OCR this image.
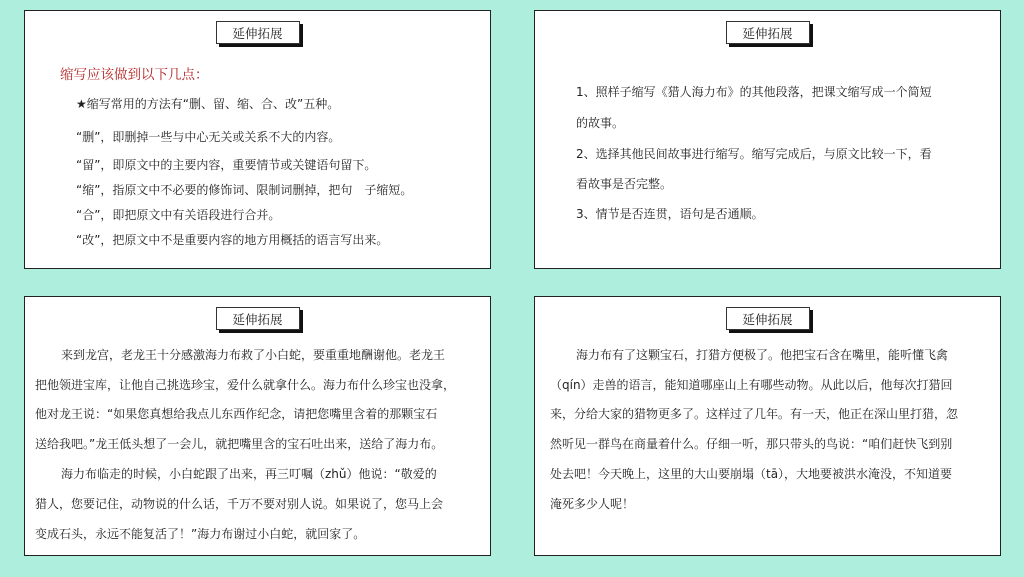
延伸拓展
缩写应该做到以下几点：
★缩写常用的方法有“删、留、缩、合、改”五种。
“删”，即删掉一些与中心无关或关系不大的内容。
“留”，即原文中的主要内容，重要情节或关键语句留下。
“缩”，指原文中不必要的修饰词、限制词删掉，把句　子缩短。
“合”，即把原文中有关语段进行合并。
“改”，把原文中不是重要内容的地方用概括的语言写出来。
延伸拓展
1、照样子缩写《猎人海力布》的其他段落，把课文缩写成一个简短
的故事。
2、选择其他民间故事进行缩写。缩写完成后，与原文比较一下，看
看故事是否完整。
3、情节是否连贯，语句是否通顺。
延伸拓展
来到龙宫，老龙王十分感激海力布救了小白蛇，要重重地酬谢他。老龙王
把他领进宝库，让他自己挑选珍宝，爱什么就拿什么。海力布什么珍宝也没拿，
他对龙王说：“如果您真想给我点儿东西作纪念，请把您嘴里含着的那颗宝石
送给我吧。”龙王低头想了一会儿，就把嘴里含的宝石吐出来，送给了海力布。
海力布临走的时候，小白蛇跟了出来，再三叮嘱（zhǔ）他说：“敬爱的
猎人，您要记住，动物说的什么话，千万不要对别人说。如果说了，您马上会
变成石头，永远不能复活了！”海力布谢过小白蛇，就回家了。
延伸拓展
海力布有了这颗宝石，打猎方便极了。他把宝石含在嘴里，能听懂飞禽
（qín）走兽的语言，能知道哪座山上有哪些动物。从此以后，他每次打猎回
来，分给大家的猎物更多了。这样过了几年。有一天，他正在深山里打猎，忽
然听见一群鸟在商量着什么。仔细一听，那只带头的鸟说：“咱们赶快飞到别
处去吧！今天晚上，这里的大山要崩塌（tā），大地要被洪水淹没，不知道要
淹死多少人呢！
